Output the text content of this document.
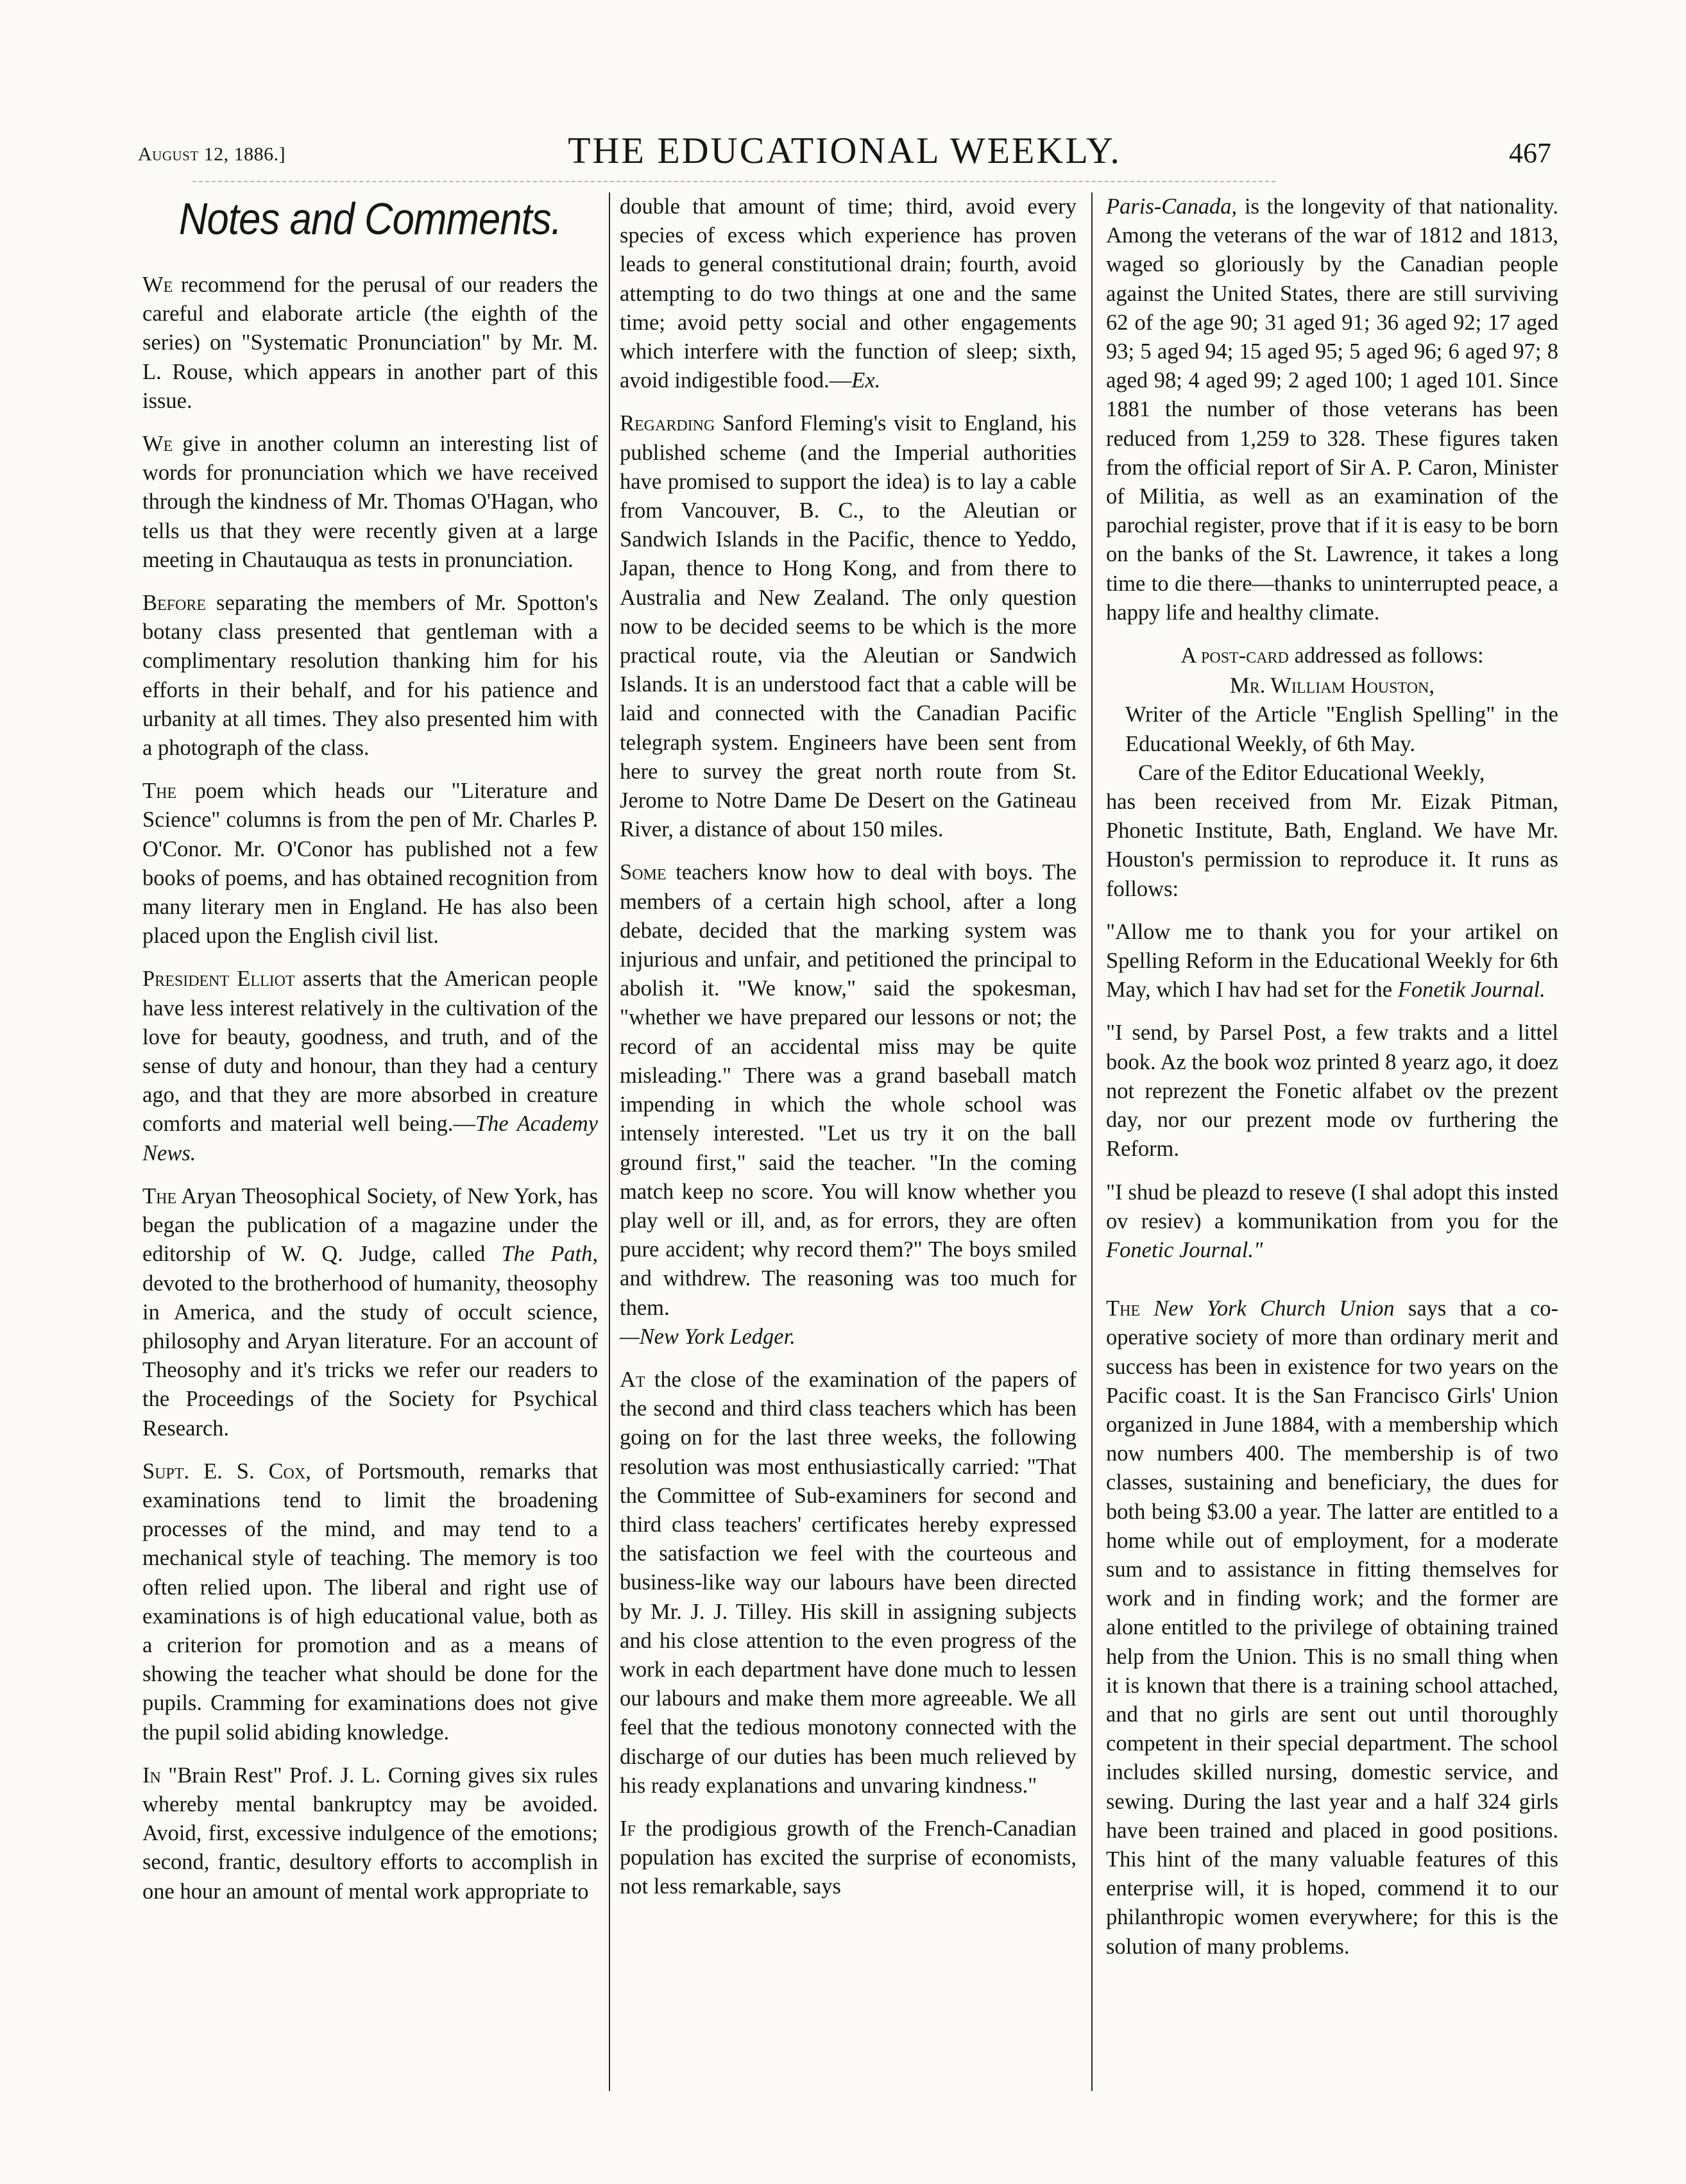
August 12, 1886.]	THE EDUCATIONAL WEEKLY.	467
Notes and Comments.

We recommend for the perusal of our readers the careful and elaborate article (the eighth of the series) on "Systematic Pronunciation" by Mr. M. L. Rouse, which appears in another part of this issue.

We give in another column an interesting list of words for pronunciation which we have received through the kindness of Mr. Thomas O'Hagan, who tells us that they were recently given at a large meeting in Chautauqua as tests in pronunciation.

Before separating the members of Mr. Spotton's botany class presented that gentleman with a complimentary resolution thanking him for his efforts in their behalf, and for his patience and urbanity at all times. They also presented him with a photograph of the class.

The poem which heads our "Literature and Science" columns is from the pen of Mr. Charles P. O'Conor. Mr. O'Conor has published not a few books of poems, and has obtained recognition from many literary men in England. He has also been placed upon the English civil list.

President Elliot asserts that the American people have less interest relatively in the cultivation of the love for beauty, goodness, and truth, and of the sense of duty and honour, than they had a century ago, and that they are more absorbed in creature comforts and material well being.—The Academy News.

The Aryan Theosophical Society, of New York, has began the publication of a magazine under the editorship of W. Q. Judge, called The Path, devoted to the brotherhood of humanity, theosophy in America, and the study of occult science, philosophy and Aryan literature. For an account of Theosophy and it's tricks we refer our readers to the Proceedings of the Society for Psychical Research.

Supt. E. S. Cox, of Portsmouth, remarks that examinations tend to limit the broadening processes of the mind, and may tend to a mechanical style of teaching. The memory is too often relied upon. The liberal and right use of examinations is of high educational value, both as a criterion for promotion and as a means of showing the teacher what should be done for the pupils. Cramming for examinations does not give the pupil solid abiding knowledge.

In "Brain Rest" Prof. J. L. Corning gives six rules whereby mental bankruptcy may be avoided. Avoid, first, excessive indulgence of the emotions; second, frantic, desultory efforts to accomplish in one hour an amount of mental work appropriate to

double that amount of time; third, avoid every species of excess which experience has proven leads to general constitutional drain; fourth, avoid attempting to do two things at one and the same time; avoid petty social and other engagements which interfere with the function of sleep; sixth, avoid indigestible food.—Ex.

Regarding Sanford Fleming's visit to England, his published scheme (and the Imperial authorities have promised to support the idea) is to lay a cable from Vancouver, B. C., to the Aleutian or Sandwich Islands in the Pacific, thence to Yeddo, Japan, thence to Hong Kong, and from there to Australia and New Zealand. The only question now to be decided seems to be which is the more practical route, via the Aleutian or Sandwich Islands. It is an understood fact that a cable will be laid and connected with the Canadian Pacific telegraph system. Engineers have been sent from here to survey the great north route from St. Jerome to Notre Dame De Desert on the Gatineau River, a distance of about 150 miles.

Some teachers know how to deal with boys. The members of a certain high school, after a long debate, decided that the marking system was injurious and unfair, and petitioned the principal to abolish it. "We know," said the spokesman, "whether we have prepared our lessons or not; the record of an accidental miss may be quite misleading." There was a grand baseball match impending in which the whole school was intensely interested. "Let us try it on the ball ground first," said the teacher. "In the coming match keep no score. You will know whether you play well or ill, and, as for errors, they are often pure accident; why record them?" The boys smiled and withdrew. The reasoning was too much for them.
—New York Ledger.

At the close of the examination of the papers of the second and third class teachers which has been going on for the last three weeks, the following resolution was most enthusiastically carried: "That the Committee of Sub-examiners for second and third class teachers' certificates hereby expressed the satisfaction we feel with the courteous and business-like way our labours have been directed by Mr. J. J. Tilley. His skill in assigning subjects and his close attention to the even progress of the work in each department have done much to lessen our labours and make them more agreeable. We all feel that the tedious monotony connected with the discharge of our duties has been much relieved by his ready explanations and unvaring kindness."

If the prodigious growth of the French-Canadian population has excited the surprise of economists, not less remarkable, says

Paris-Canada, is the longevity of that nationality. Among the veterans of the war of 1812 and 1813, waged so gloriously by the Canadian people against the United States, there are still surviving 62 of the age 90; 31 aged 91; 36 aged 92; 17 aged 93; 5 aged 94; 15 aged 95; 5 aged 96; 6 aged 97; 8 aged 98; 4 aged 99; 2 aged 100; 1 aged 101. Since 1881 the number of those veterans has been reduced from 1,259 to 328. These figures taken from the official report of Sir A. P. Caron, Minister of Militia, as well as an examination of the parochial register, prove that if it is easy to be born on the banks of the St. Lawrence, it takes a long time to die there—thanks to uninterrupted peace, a happy life and healthy climate.

A post-card addressed as follows:

Mr. William Houston,

Writer of the Article "English Spelling" in the Educational Weekly, of 6th May.

Care of the Editor Educational Weekly,

has been received from Mr. Eizak Pitman, Phonetic Institute, Bath, England. We have Mr. Houston's permission to reproduce it. It runs as follows:

"Allow me to thank you for your artikel on Spelling Reform in the Educational Weekly for 6th May, which I hav had set for the Fonetik Journal.

"I send, by Parsel Post, a few trakts and a littel book. Az the book woz printed 8 yearz ago, it doez not reprezent the Fonetic alfabet ov the prezent day, nor our prezent mode ov furthering the Reform.

"I shud be pleazd to reseve (I shal adopt this insted ov resiev) a kommunikation from you for the Fonetic Journal."

The New York Church Union says that a co-operative society of more than ordinary merit and success has been in existence for two years on the Pacific coast. It is the San Francisco Girls' Union organized in June 1884, with a membership which now numbers 400. The membership is of two classes, sustaining and beneficiary, the dues for both being $3.00 a year. The latter are entitled to a home while out of employment, for a moderate sum and to assistance in fitting themselves for work and in finding work; and the former are alone entitled to the privilege of obtaining trained help from the Union. This is no small thing when it is known that there is a training school attached, and that no girls are sent out until thoroughly competent in their special department. The school includes skilled nursing, domestic service, and sewing. During the last year and a half 324 girls have been trained and placed in good positions. This hint of the many valuable features of this enterprise will, it is hoped, commend it to our philanthropic women everywhere; for this is the solution of many problems.
